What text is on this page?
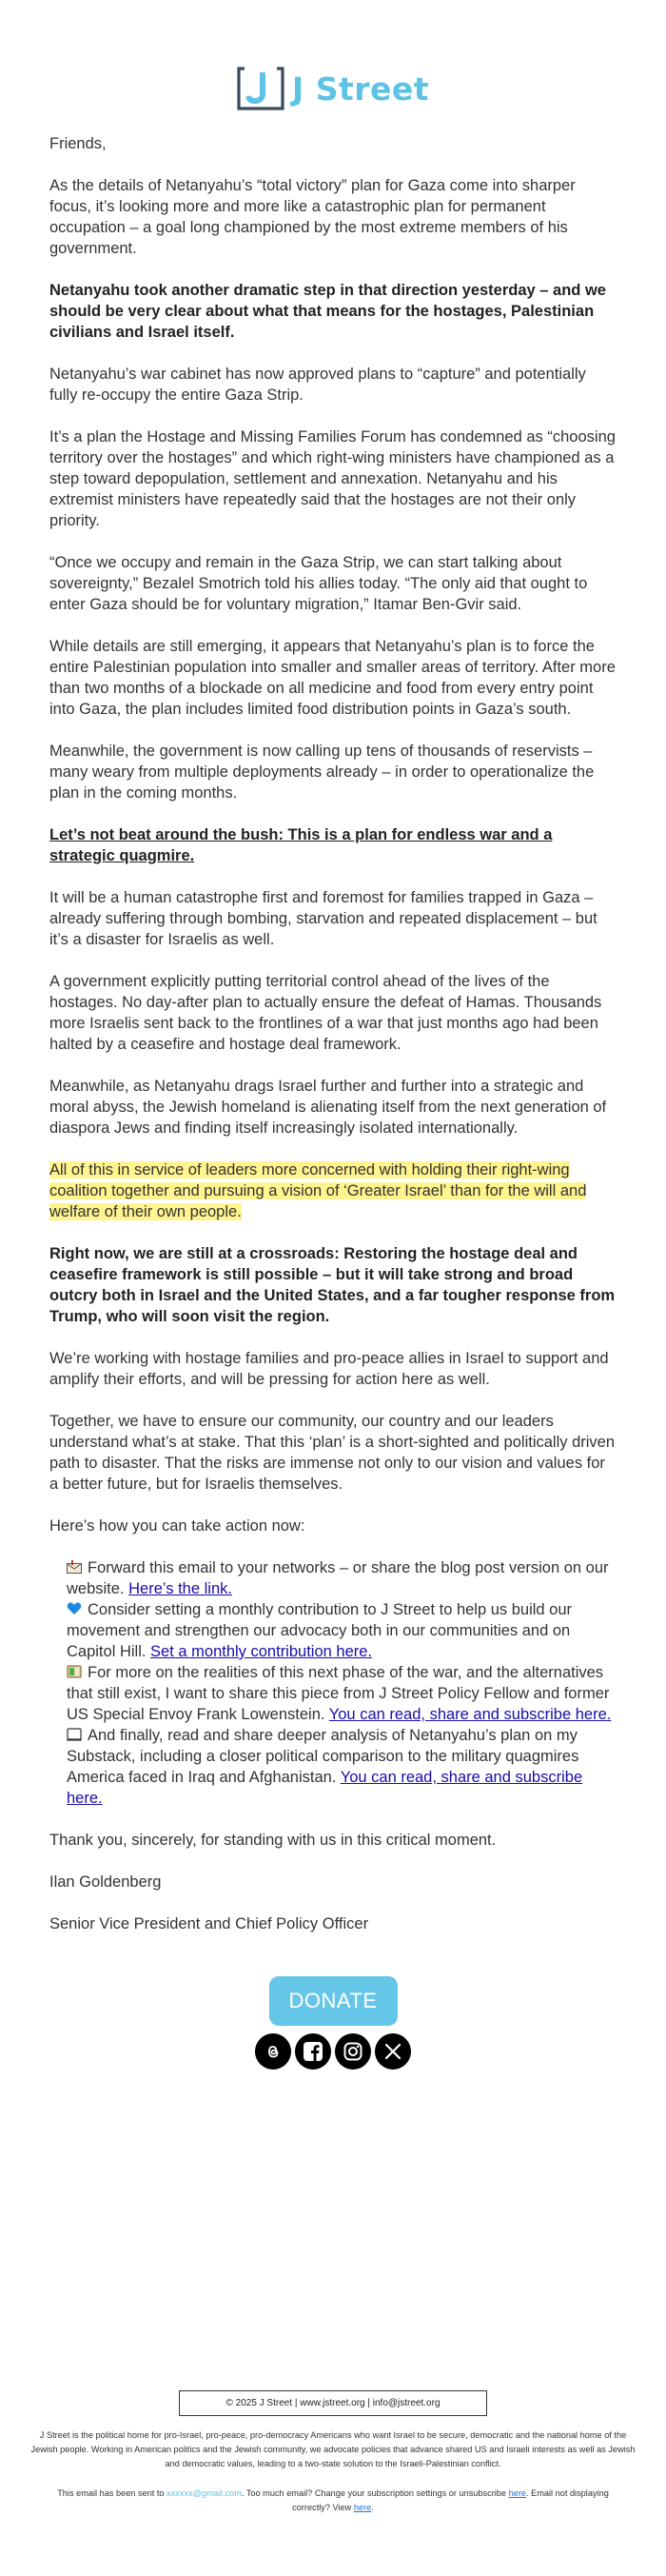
J Street

Friends,

As the details of Netanyahu’s “total victory” plan for Gaza come into sharper focus, it’s looking more and more like a catastrophic plan for permanent occupation – a goal long championed by the most extreme members of his government.

Netanyahu took another dramatic step in that direction yesterday – and we should be very clear about what that means for the hostages, Palestinian civilians and Israel itself.

Netanyahu’s war cabinet has now approved plans to “capture” and potentially fully re-occupy the entire Gaza Strip.

It’s a plan the Hostage and Missing Families Forum has condemned as “choosing territory over the hostages” and which right-wing ministers have championed as a step toward depopulation, settlement and annexation. Netanyahu and his extremist ministers have repeatedly said that the hostages are not their only priority.

“Once we occupy and remain in the Gaza Strip, we can start talking about sovereignty,” Bezalel Smotrich told his allies today. “The only aid that ought to enter Gaza should be for voluntary migration,” Itamar Ben-Gvir said.

While details are still emerging, it appears that Netanyahu’s plan is to force the entire Palestinian population into smaller and smaller areas of territory. After more than two months of a blockade on all medicine and food from every entry point into Gaza, the plan includes limited food distribution points in Gaza’s south.

Meanwhile, the government is now calling up tens of thousands of reservists – many weary from multiple deployments already – in order to operationalize the plan in the coming months.

Let’s not beat around the bush: This is a plan for endless war and a strategic quagmire.

It will be a human catastrophe first and foremost for families trapped in Gaza – already suffering through bombing, starvation and repeated displacement – but it’s a disaster for Israelis as well.

A government explicitly putting territorial control ahead of the lives of the hostages. No day-after plan to actually ensure the defeat of Hamas. Thousands more Israelis sent back to the frontlines of a war that just months ago had been halted by a ceasefire and hostage deal framework.

Meanwhile, as Netanyahu drags Israel further and further into a strategic and moral abyss, the Jewish homeland is alienating itself from the next generation of diaspora Jews and finding itself increasingly isolated internationally.

All of this in service of leaders more concerned with holding their right-wing coalition together and pursuing a vision of ‘Greater Israel’ than for the will and welfare of their own people.

Right now, we are still at a crossroads: Restoring the hostage deal and ceasefire framework is still possible – but it will take strong and broad outcry both in Israel and the United States, and a far tougher response from Trump, who will soon visit the region.

We’re working with hostage families and pro-peace allies in Israel to support and amplify their efforts, and will be pressing for action here as well.

Together, we have to ensure our community, our country and our leaders understand what’s at stake. That this ‘plan’ is a short-sighted and politically driven path to disaster. That the risks are immense not only to our vision and values for a better future, but for Israelis themselves.

Here’s how you can take action now:

Forward this email to your networks – or share the blog post version on our website. Here’s the link.
Consider setting a monthly contribution to J Street to help us build our movement and strengthen our advocacy both in our communities and on Capitol Hill. Set a monthly contribution here.
For more on the realities of this next phase of the war, and the alternatives that still exist, I want to share this piece from J Street Policy Fellow and former US Special Envoy Frank Lowenstein. You can read, share and subscribe here.
And finally, read and share deeper analysis of Netanyahu’s plan on my Substack, including a closer political comparison to the military quagmires America faced in Iraq and Afghanistan. You can read, share and subscribe here.

Thank you, sincerely, for standing with us in this critical moment.

Ilan Goldenberg

Senior Vice President and Chief Policy Officer

DONATE
© 2025 J Street | www.jstreet.org | info@jstreet.org
J Street is the political home for pro-Israel, pro-peace, pro-democracy Americans who want Israel to be secure, democratic and the national home of the Jewish people. Working in American politics and the Jewish community, we advocate policies that advance shared US and Israeli interests as well as Jewish and democratic values, leading to a two-state solution to the Israeli-Palestinian conflict.
This email has been sent to xxxxxx@gmail.com. Too much email? Change your subscription settings or unsubscribe here. Email not displaying correctly? View here.
